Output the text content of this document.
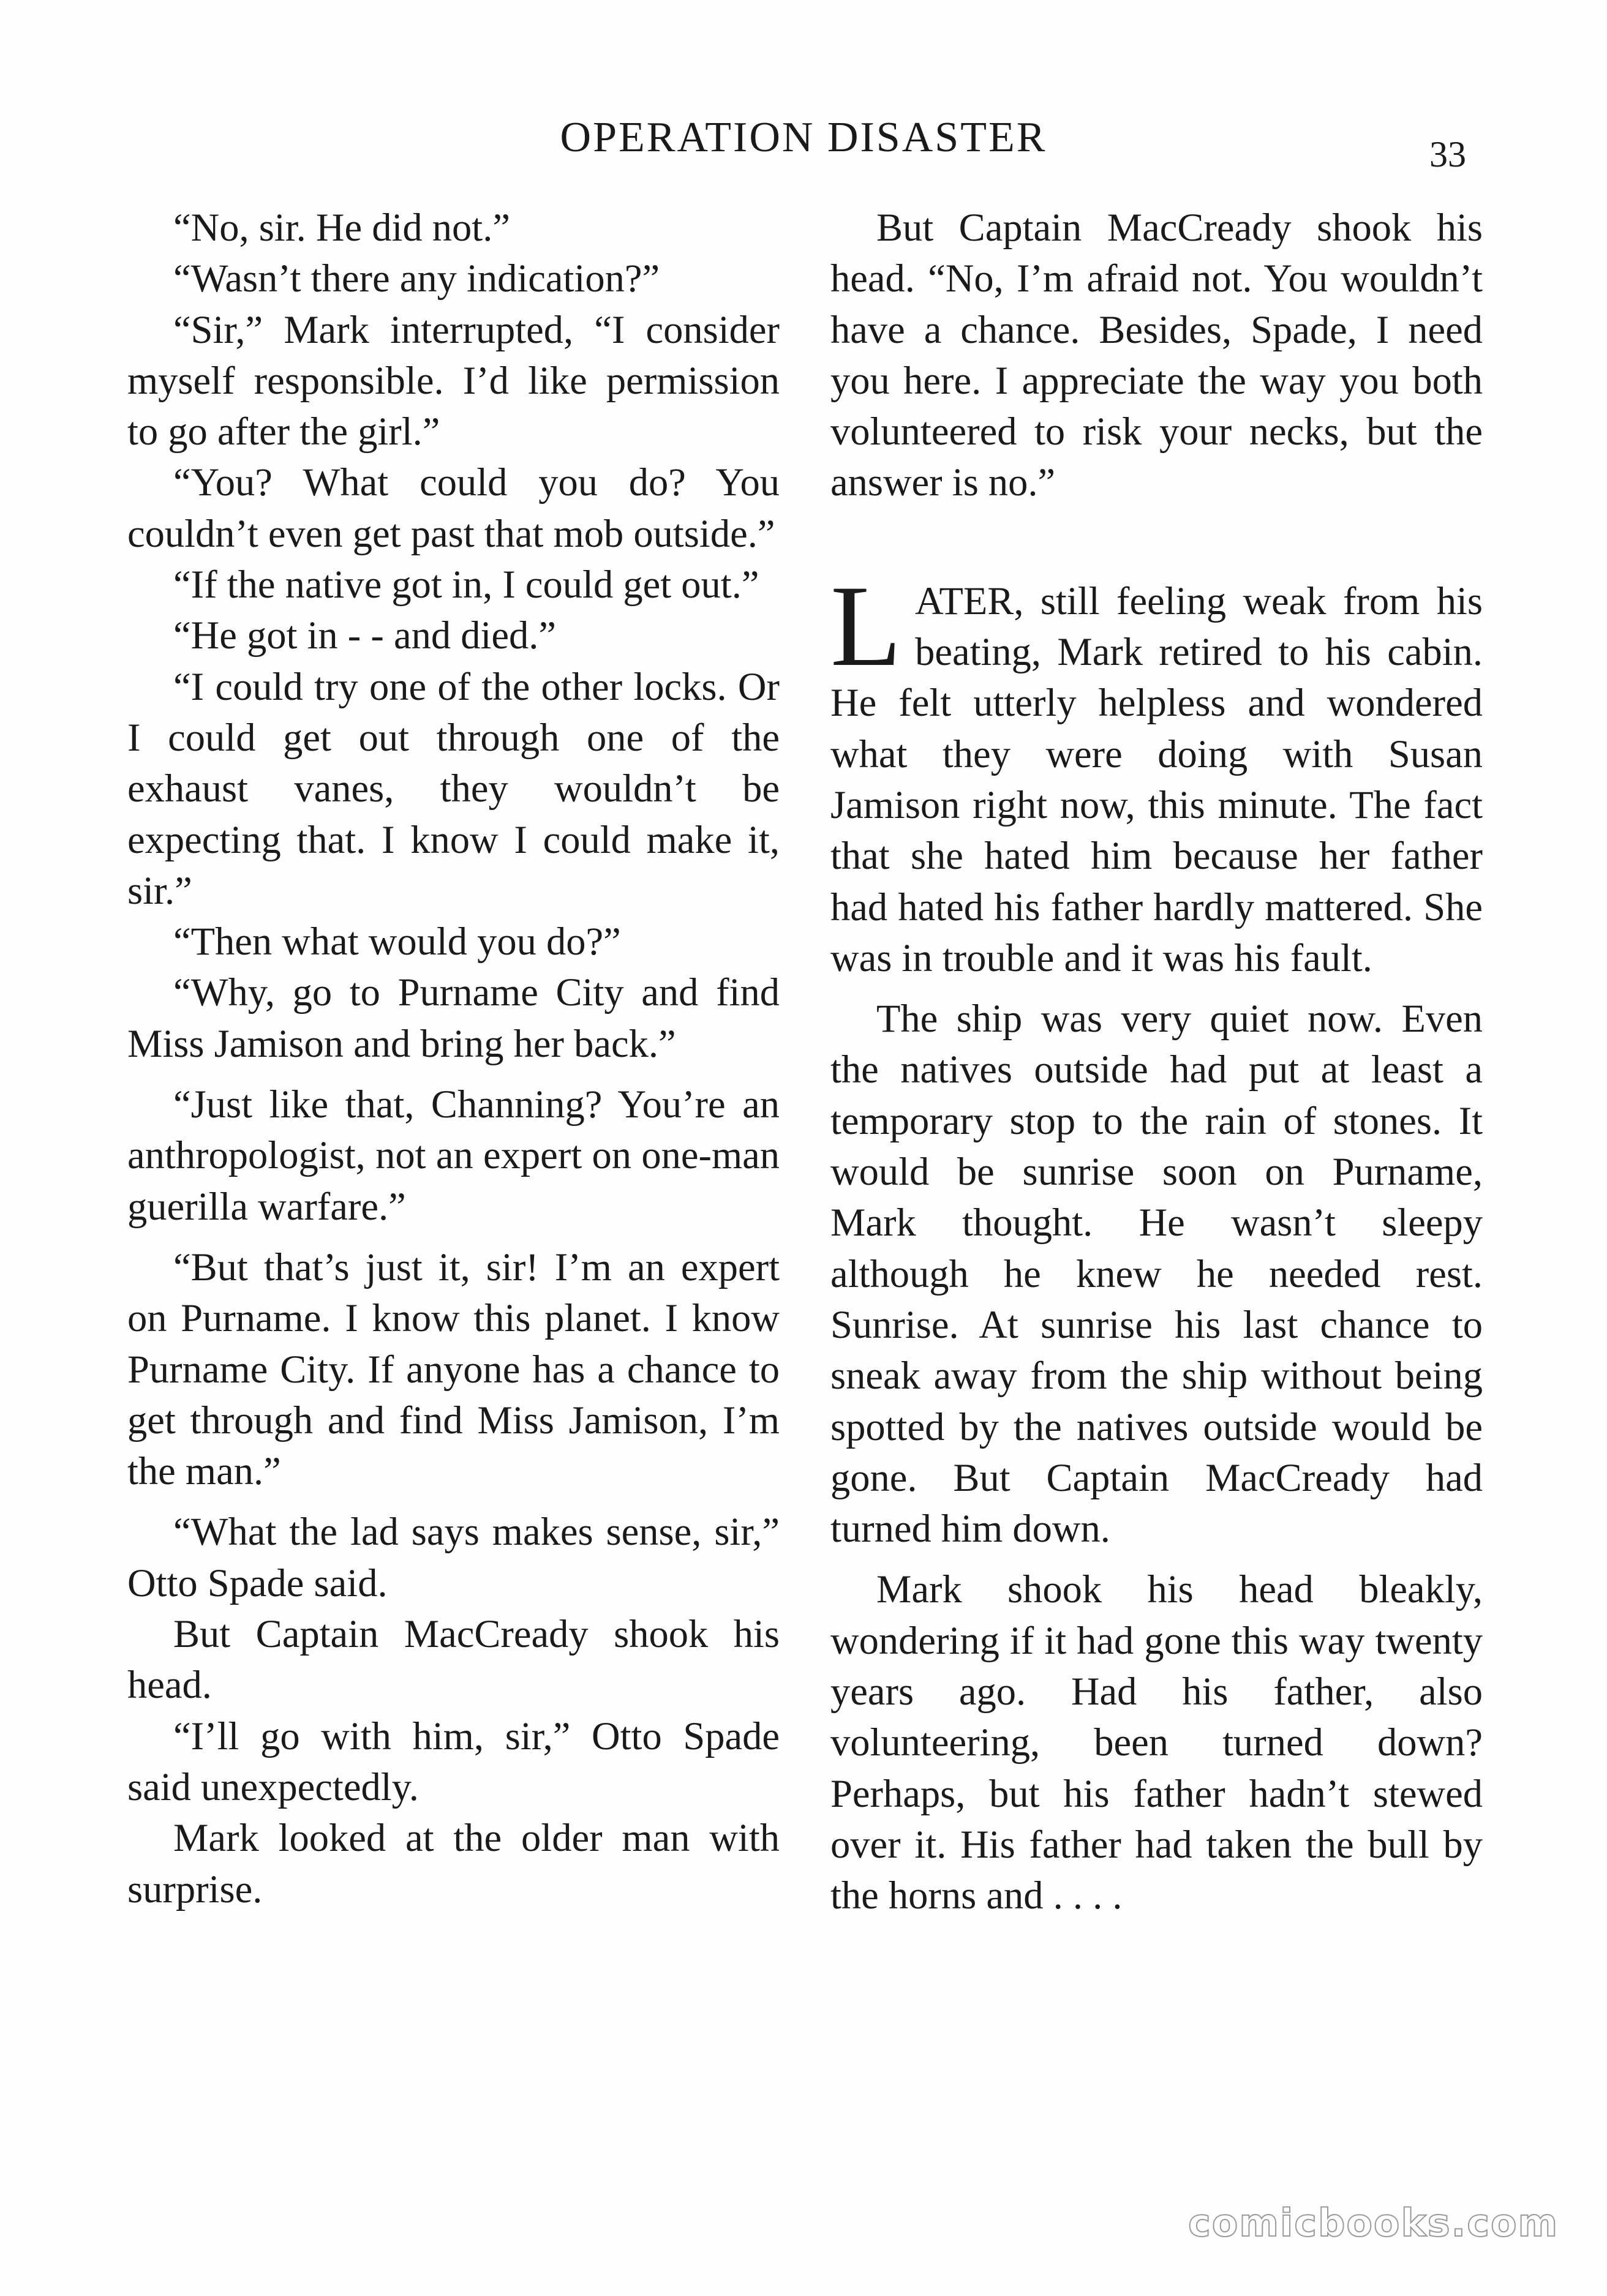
OPERATION DISASTER	33

“No, sir. He did not.”

“Wasn’t there any indication?”

“Sir,” Mark interrupted, “I consider myself responsible. I’d like permission to go after the girl.”

“You? What could you do? You couldn’t even get past that mob outside.”

“If the native got in, I could get out.”

“He got in - - and died.”

“I could try one of the other locks. Or I could get out through one of the exhaust vanes, they wouldn’t be expecting that. I know I could make it, sir.”

“Then what would you do?”

“Why, go to Purname City and find Miss Jamison and bring her back.”

“Just like that, Channing? You’re an anthropologist, not an expert on one-man guerilla warfare.”

“But that’s just it, sir! I’m an expert on Purname. I know this planet. I know Purname City. If anyone has a chance to get through and find Miss Jamison, I’m the man.”

“What the lad says makes sense, sir,” Otto Spade said.

But Captain MacCready shook his head.

“I’ll go with him, sir,” Otto Spade said unexpectedly.

Mark looked at the older man with surprise.

But Captain MacCready shook his head. “No, I’m afraid not. You wouldn’t have a chance. Besides, Spade, I need you here. I appreciate the way you both volunteered to risk your necks, but the answer is no.”

LATER, still feeling weak from his beating, Mark retired to his cabin. He felt utterly helpless and wondered what they were doing with Susan Jamison right now, this minute. The fact that she hated him because her father had hated his father hardly mattered. She was in trouble and it was his fault.

The ship was very quiet now. Even the natives outside had put at least a temporary stop to the rain of stones. It would be sunrise soon on Purname, Mark thought. He wasn’t sleepy although he knew he needed rest. Sunrise. At sunrise his last chance to sneak away from the ship without being spotted by the natives outside would be gone. But Captain MacCready had turned him down.

Mark shook his head bleakly, wondering if it had gone this way twenty years ago. Had his father, also volunteering, been turned down? Perhaps, but his father hadn’t stewed over it. His father had taken the bull by the horns and . . . .

comicbooks.com
